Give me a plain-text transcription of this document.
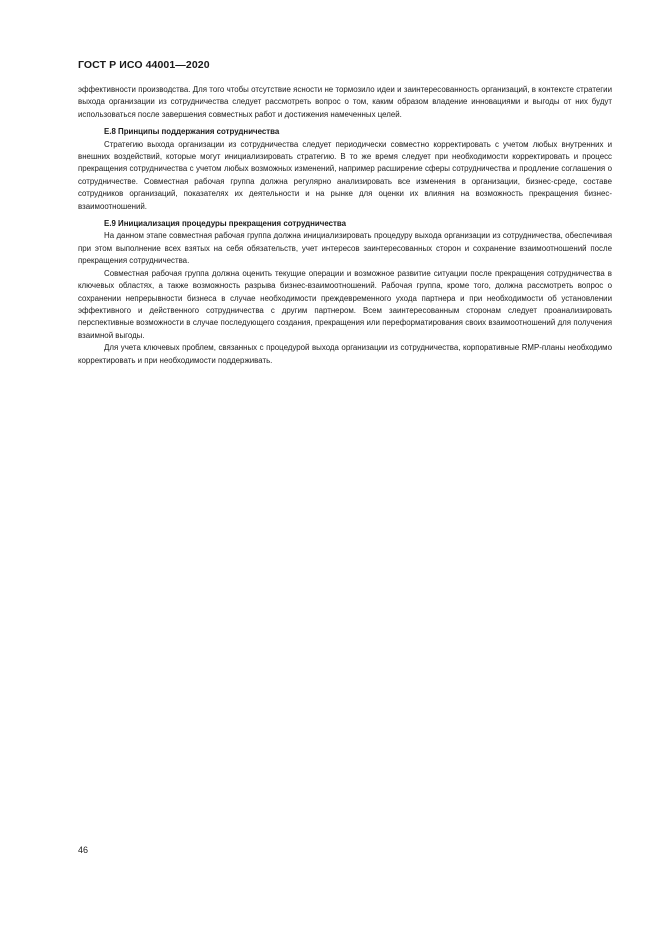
ГОСТ Р ИСО 44001—2020

эффективности производства. Для того чтобы отсутствие ясности не тормозило идеи и заинтересованность организаций, в контексте стратегии выхода организации из сотрудничества следует рассмотреть вопрос о том, каким образом владение инновациями и выгоды от них будут использоваться после завершения совместных работ и достижения намеченных целей.

Е.8 Принципы поддержания сотрудничества

Стратегию выхода организации из сотрудничества следует периодически совместно корректировать с учетом любых внутренних и внешних воздействий, которые могут инициализировать стратегию. В то же время следует при необходимости корректировать и процесс прекращения сотрудничества с учетом любых возможных изменений, например расширение сферы сотрудничества и продление соглашения о сотрудничестве. Совместная рабочая группа должна регулярно анализировать все изменения в организации, бизнес-среде, составе сотрудников организаций, показателях их деятельности и на рынке для оценки их влияния на возможность прекращения бизнес-взаимоотношений.

Е.9 Инициализация процедуры прекращения сотрудничества

На данном этапе совместная рабочая группа должна инициализировать процедуру выхода организации из сотрудничества, обеспечивая при этом выполнение всех взятых на себя обязательств, учет интересов заинтересованных сторон и сохранение взаимоотношений после прекращения сотрудничества.

Совместная рабочая группа должна оценить текущие операции и возможное развитие ситуации после прекращения сотрудничества в ключевых областях, а также возможность разрыва бизнес-взаимоотношений. Рабочая группа, кроме того, должна рассмотреть вопрос о сохранении непрерывности бизнеса в случае необходимости преждевременного ухода партнера и при необходимости об установлении эффективного и действенного сотрудничества с другим партнером. Всем заинтересованным сторонам следует проанализировать перспективные возможности в случае последующего создания, прекращения или переформатирования своих взаимоотношений для получения взаимной выгоды.

Для учета ключевых проблем, связанных с процедурой выхода организации из сотрудничества, корпоративные RMP-планы необходимо корректировать и при необходимости поддерживать.

46
